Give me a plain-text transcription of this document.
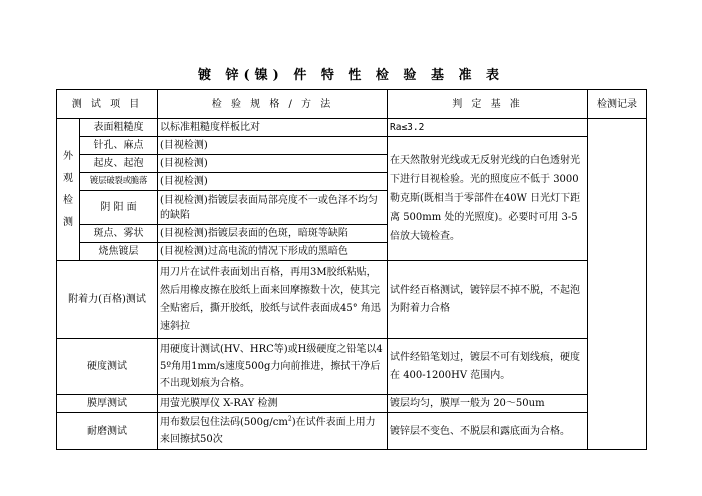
镀 锌(镍) 件 特 性 检 验 基 准 表
测 试 项 目		检 验 规 格 / 方 法	判 定 基 准	检测记录
外
观
检
测	表面粗糙度	以标准粗糙度样板比对	Ra≤3.2	
	针孔、麻点	(目视检测)	在天然散射光线或无反射光线的白色透射光下进行目视检验。光的照度应不低于 3000 勒克斯(既相当于零部件在40W 日光灯下距离 500mm 处的光照度)。必要时可用 3-5 倍放大镜检查。	
	起皮、起泡	(目视检测)		
	镀层破裂或脆落	(目视检测)		
	阴 阳 面	(目视检测)指镀层表面局部亮度不一或色泽不均匀的缺陷		
	斑点、雾状	(目视检测)指镀层表面的色斑，暗斑等缺陷		
	烧焦镀层	(目视检测)过高电流的情况下形成的黑暗色		
附着力(百格)测试		用刀片在试件表面划出百格，再用3M胶纸粘贴，然后用橡皮擦在胶纸上面来回摩擦数十次，使其完全贴密后，撕开胶纸，胶纸与试件表面成45° 角迅速斜拉	试件经百格测试，镀锌层不掉不脱，不起泡为附着力合格	
硬度测试		用硬度计测试(HV、HRC等)或H级硬度之铅笔以45º角用1mm/s速度500g力向前推进，擦拭干净后不出现划痕为合格。	试件经铅笔划过，镀层不可有划线痕，硬度在 400-1200HV 范围内。	
膜厚测试		用萤光膜厚仪 X-RAY 检测	镀层均匀，膜厚一般为 20～50um	
耐磨测试		用布数层包住法码$(500g/cm^2)$在试件表面上用力来回擦拭50次	镀锌层不变色、不脱层和露底面为合格。	
